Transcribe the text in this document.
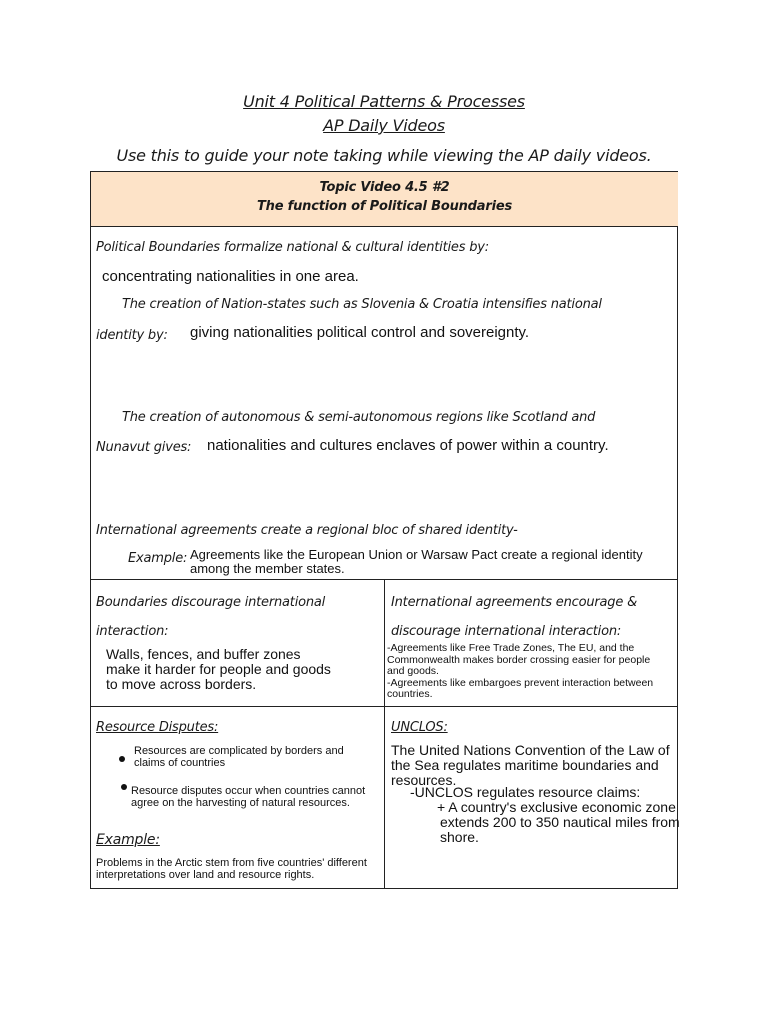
Unit 4 Political Patterns & Processes
AP Daily Videos
Use this to guide your note taking while viewing the AP daily videos.
Topic Video 4.5 #2
The function of Political Boundaries
Political Boundaries formalize national & cultural identities by:
concentrating nationalities in one area.
The creation of Nation-states such as Slovenia & Croatia intensifies national
identity by: giving nationalities political control and sovereignty.
The creation of autonomous & semi-autonomous regions like Scotland and
Nunavut gives: nationalities and cultures enclaves of power within a country.
International agreements create a regional bloc of shared identity-
Example: Agreements like the European Union or Warsaw Pact create a regional identity
among the member states.
Boundaries discourage international
interaction:
Walls, fences, and buffer zones
make it harder for people and goods
to move across borders.
International agreements encourage &
discourage international interaction:
-Agreements like Free Trade Zones, The EU, and the
Commonwealth makes border crossing easier for people
and goods.
-Agreements like embargoes prevent interaction between
countries.
Resource Disputes:
Resources are complicated by borders and
claims of countries
Resource disputes occur when countries cannot
agree on the harvesting of natural resources.
Example:
Problems in the Arctic stem from five countries' different
interpretations over land and resource rights.
UNCLOS:
The United Nations Convention of the Law of
the Sea regulates maritime boundaries and
resources.
-UNCLOS regulates resource claims:
+ A country's exclusive economic zone
extends 200 to 350 nautical miles from
shore.
